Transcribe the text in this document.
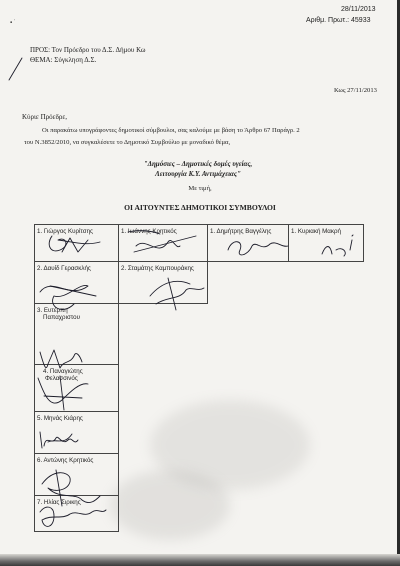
▪ ˙
28/11/2013
Αριθμ. Πρωτ.: 45933
ΠΡΟΣ: Τον Πρόεδρο του Δ.Σ. Δήμου Κω
ΘΕΜΑ: Σύγκληση Δ.Σ.
Κως 27/11/2013
Κύριε Πρόεδρε,
Οι παρακάτω υπογράφοντες δημοτικοί σύμβουλοι, σας καλούμε με βάση το Άρθρο 67 Παράγρ. 2
του Ν.3852/2010, να συγκαλέσετε το Δημοτικό Συμβούλιο με μοναδικό θέμα,
"Δημόσιες – Δημοτικές δομές υγείας,
Λειτουργία Κ.Υ. Αντιμάχειας"
Με τιμή,
ΟΙ ΑΙΤΟΥΝΤΕΣ ΔΗΜΟΤΙΚΟΙ ΣΥΜΒΟΥΛΟΙ
1. Γιώργος Κυρίτσης	1. Ιωάννης Κρητικός	1. Δημήτρης Βαγγέλης	1. Κυριακή Μακρή

2. Δαυίδ Γερασκλής	2. Σταμάτης Καμπουράκης		

3. Ευτέρπη
Παπαχριστου			

4. Παναγιώτης
Φελασσινός			

5. Μηνάς Κιάρης			

6. Αντώνης Κρητικός			

7. Ηλίας Σιρικης			
